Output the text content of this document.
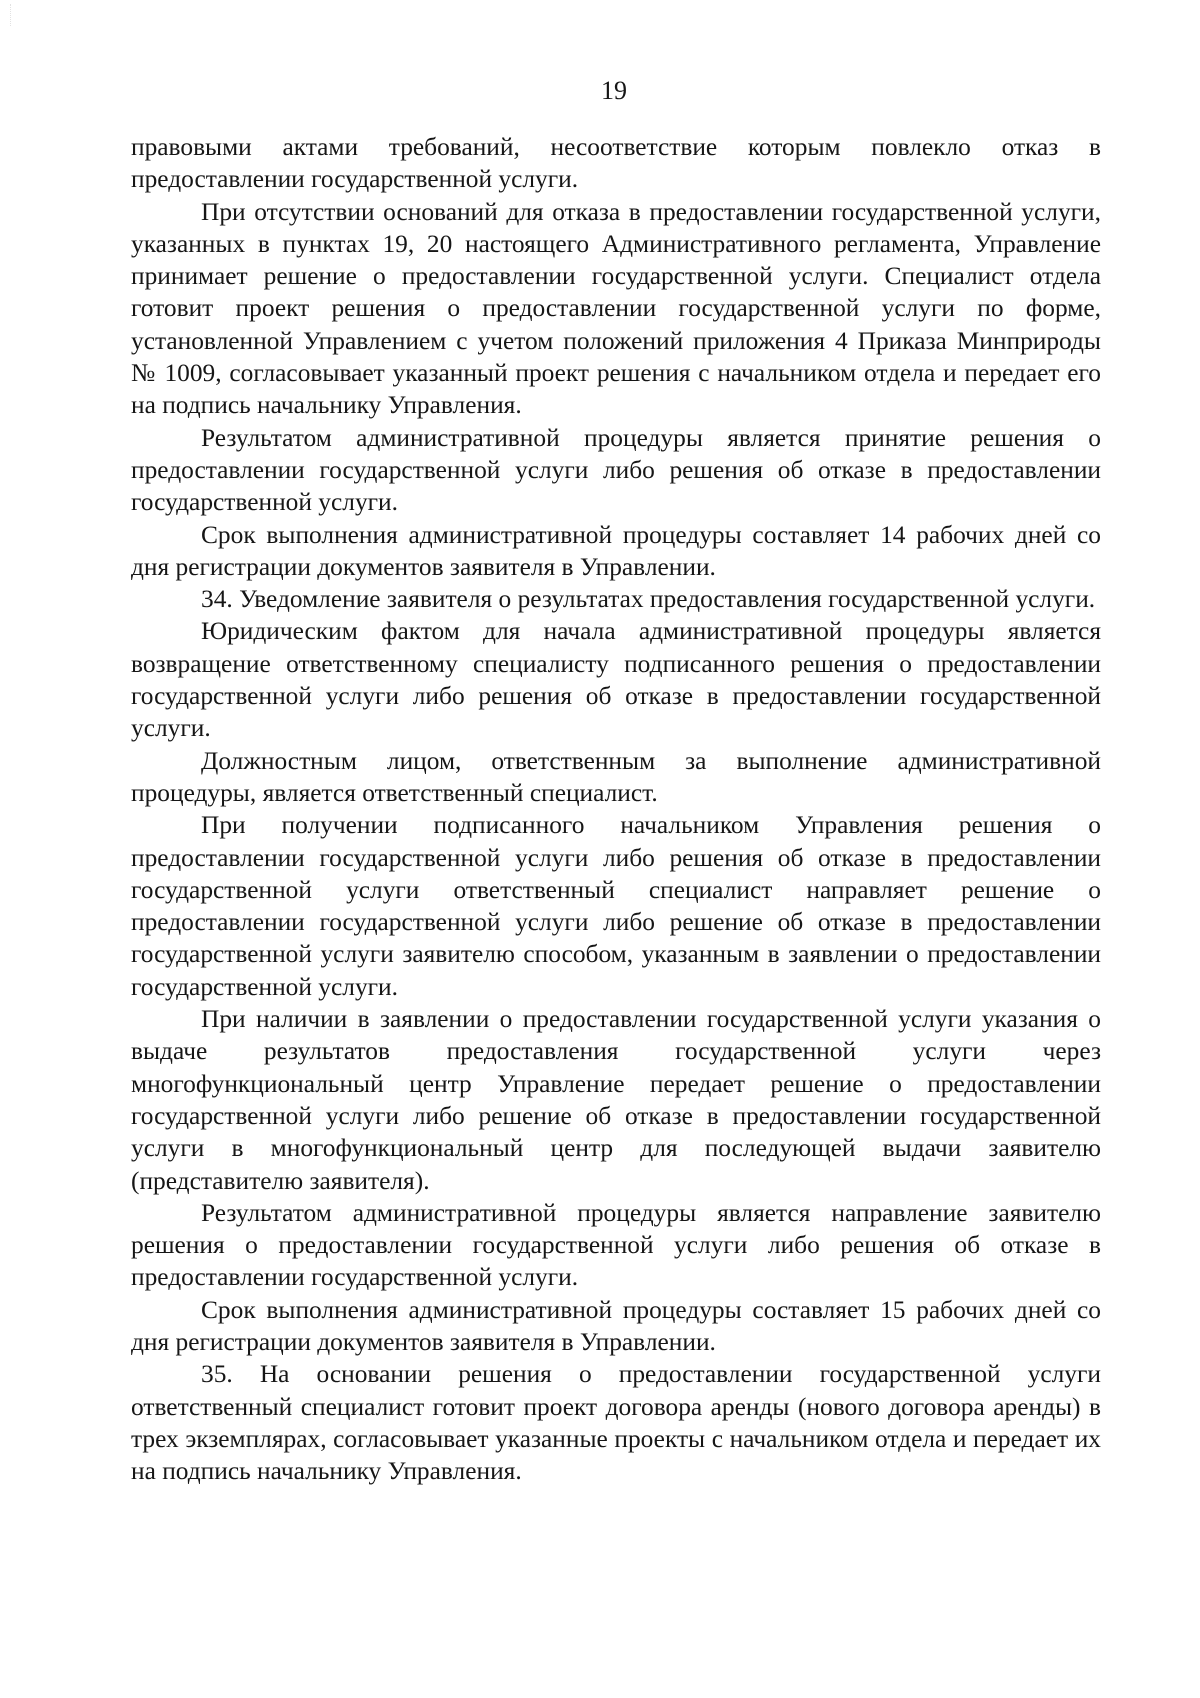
19

правовыми актами требований, несоответствие которым повлекло отказ в предоставлении государственной услуги.

При отсутствии оснований для отказа в предоставлении государственной услуги, указанных в пунктах 19, 20 настоящего Административного регламента, Управление принимает решение о предоставлении государственной услуги. Специалист отдела готовит проект решения о предоставлении государственной услуги по форме, установленной Управлением с учетом положений приложения 4 Приказа Минприроды № 1009, согласовывает указанный проект решения с начальником отдела и передает его на подпись начальнику Управления.

Результатом административной процедуры является принятие решения о предоставлении государственной услуги либо решения об отказе в предоставлении государственной услуги.

Срок выполнения административной процедуры составляет 14 рабочих дней со дня регистрации документов заявителя в Управлении.

34. Уведомление заявителя о результатах предоставления государственной услуги.

Юридическим фактом для начала административной процедуры является возвращение ответственному специалисту подписанного решения о предоставлении государственной услуги либо решения об отказе в предоставлении государственной услуги.

Должностным лицом, ответственным за выполнение административной процедуры, является ответственный специалист.

При получении подписанного начальником Управления решения о предоставлении государственной услуги либо решения об отказе в предоставлении государственной услуги ответственный специалист направляет решение о предоставлении государственной услуги либо решение об отказе в предоставлении государственной услуги заявителю способом, указанным в заявлении о предоставлении государственной услуги.

При наличии в заявлении о предоставлении государственной услуги указания о выдаче результатов предоставления государственной услуги через многофункциональный центр Управление передает решение о предоставлении государственной услуги либо решение об отказе в предоставлении государственной услуги в многофункциональный центр для последующей выдачи заявителю (представителю заявителя).

Результатом административной процедуры является направление заявителю решения о предоставлении государственной услуги либо решения об отказе в предоставлении государственной услуги.

Срок выполнения административной процедуры составляет 15 рабочих дней со дня регистрации документов заявителя в Управлении.

35. На основании решения о предоставлении государственной услуги ответственный специалист готовит проект договора аренды (нового договора аренды) в трех экземплярах, согласовывает указанные проекты с начальником отдела и передает их на подпись начальнику Управления.
